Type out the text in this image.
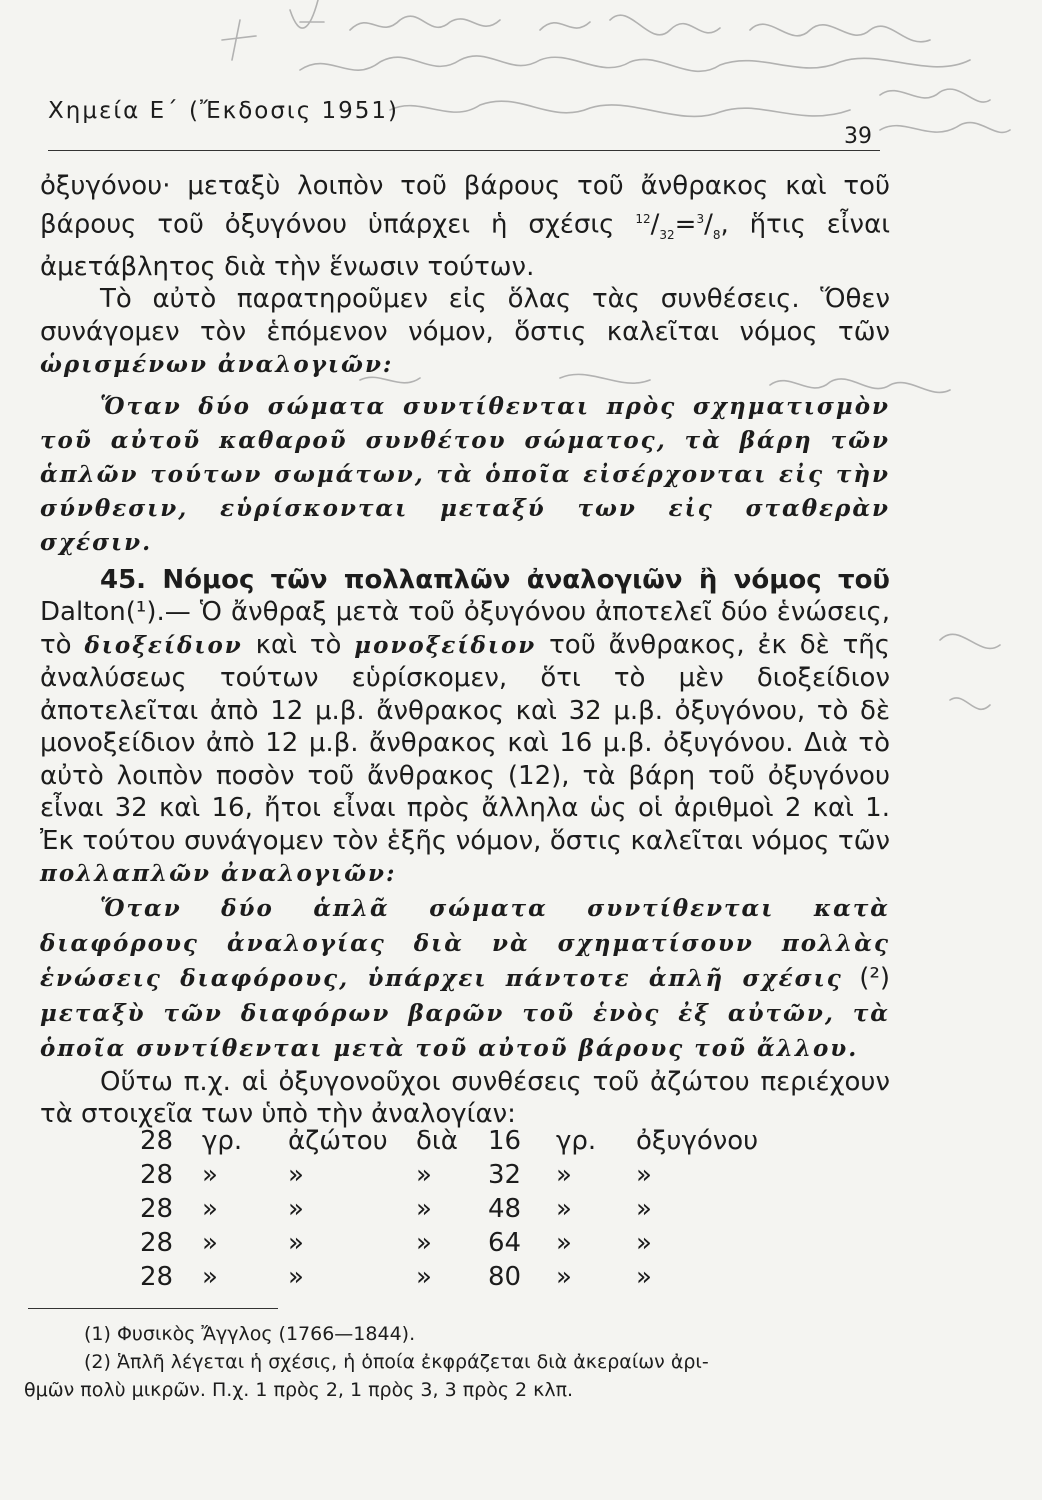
Χημεία Ε΄ (Ἔκδοσις 1951)
39

ὀξυγόνου· μεταξὺ λοιπὸν τοῦ βάρους τοῦ ἄνθρακος καὶ τοῦ βάρους τοῦ ὀξυγόνου ὑπάρχει ἡ σχέσις $^{12}/_{32}=^3/_8$, ἥτις εἶναι ἀμετάβλητος διὰ τὴν ἕνωσιν τούτων.

Τὸ αὐτὸ παρατηροῦμεν εἰς ὅλας τὰς συνθέσεις. Ὅθεν συνάγομεν τὸν ἑπόμενον νόμον, ὅστις καλεῖται νόμος τῶν ὡρισμένων ἀναλογιῶν:

Ὅταν δύο σώματα συντίθενται πρὸς σχηματισμὸν τοῦ αὐτοῦ καθαροῦ συνθέτου σώματος, τὰ βάρη τῶν ἁπλῶν τούτων σωμάτων, τὰ ὁποῖα εἰσέρχονται εἰς τὴν σύνθεσιν, εὑρίσκονται μεταξύ των εἰς σταθερὰν σχέσιν.

45. Νόμος τῶν πολλαπλῶν ἀναλογιῶν ἢ νόμος τοῦ Dalton(¹).— Ὁ ἄνθραξ μετὰ τοῦ ὀξυγόνου ἀποτελεῖ δύο ἑνώσεις, τὸ διοξείδιον καὶ τὸ μονοξείδιον τοῦ ἄνθρακος, ἐκ δὲ τῆς ἀναλύσεως τούτων εὑρίσκομεν, ὅτι τὸ μὲν διοξείδιον ἀποτελεῖται ἀπὸ 12 μ.β. ἄνθρακος καὶ 32 μ.β. ὀξυγόνου, τὸ δὲ μονοξείδιον ἀπὸ 12 μ.β. ἄνθρακος καὶ 16 μ.β. ὀξυγόνου. Διὰ τὸ αὐτὸ λοιπὸν ποσὸν τοῦ ἄνθρακος (12), τὰ βάρη τοῦ ὀξυγόνου εἶναι 32 καὶ 16, ἤτοι εἶναι πρὸς ἄλληλα ὡς οἱ ἀριθμοὶ 2 καὶ 1. Ἐκ τούτου συνάγομεν τὸν ἑξῆς νόμον, ὅστις καλεῖται νόμος τῶν πολλαπλῶν ἀναλογιῶν:

Ὅταν δύο ἁπλᾶ σώματα συντίθενται κατὰ διαφόρους ἀναλογίας διὰ νὰ σχηματίσουν πολλὰς ἑνώσεις διαφόρους, ὑπάρχει πάντοτε ἁπλῆ σχέσις (²) μεταξὺ τῶν διαφόρων βαρῶν τοῦ ἑνὸς ἐξ αὐτῶν, τὰ ὁποῖα συντίθενται μετὰ τοῦ αὐτοῦ βάρους τοῦ ἄλλου.

Οὕτω π.χ. αἱ ὀξυγονοῦχοι συνθέσεις τοῦ ἀζώτου περιέχουν τὰ στοιχεῖα των ὑπὸ τὴν ἀναλογίαν:

28	γρ.	ἀζώτου	διὰ	16	γρ.	ὀξυγόνου
28	»	»	»	32	»	»
28	»	»	»	48	»	»
28	»	»	»	64	»	»
28	»	»	»	80	»	»

(1) Φυσικὸς Ἄγγλος (1766—1844).

(2) Ἁπλῆ λέγεται ἡ σχέσις, ἡ ὁποία ἐκφράζεται διὰ ἀκεραίων ἀρι-

θμῶν πολὺ μικρῶν. Π.χ. 1 πρὸς 2, 1 πρὸς 3, 3 πρὸς 2 κλπ.
